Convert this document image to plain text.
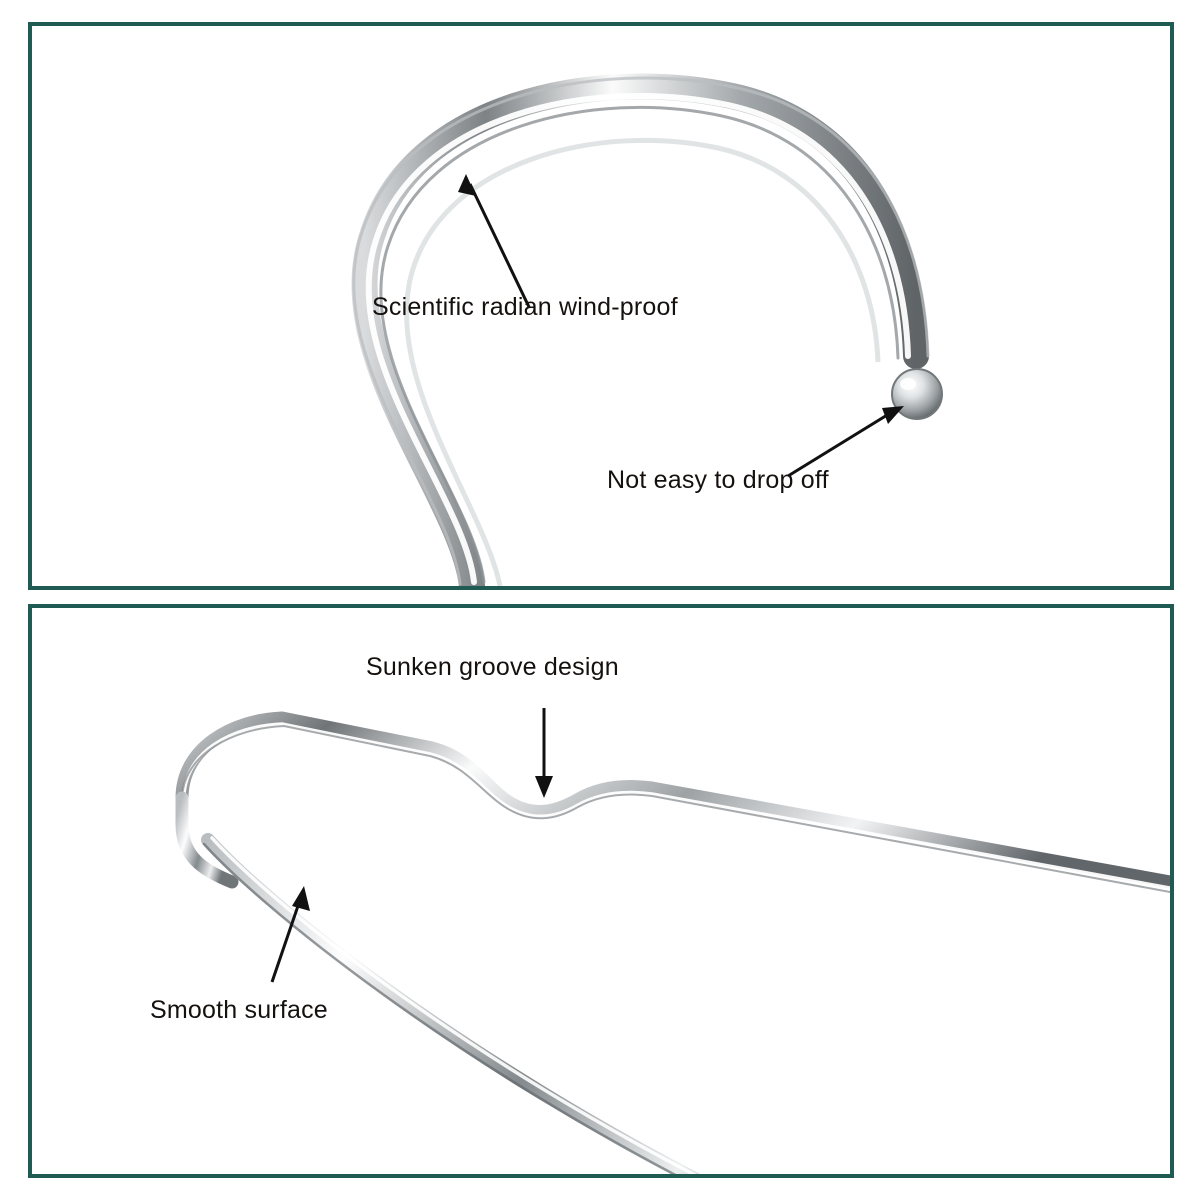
Scientific radian wind-proof
Not easy to drop off
Sunken groove design
Smooth surface
